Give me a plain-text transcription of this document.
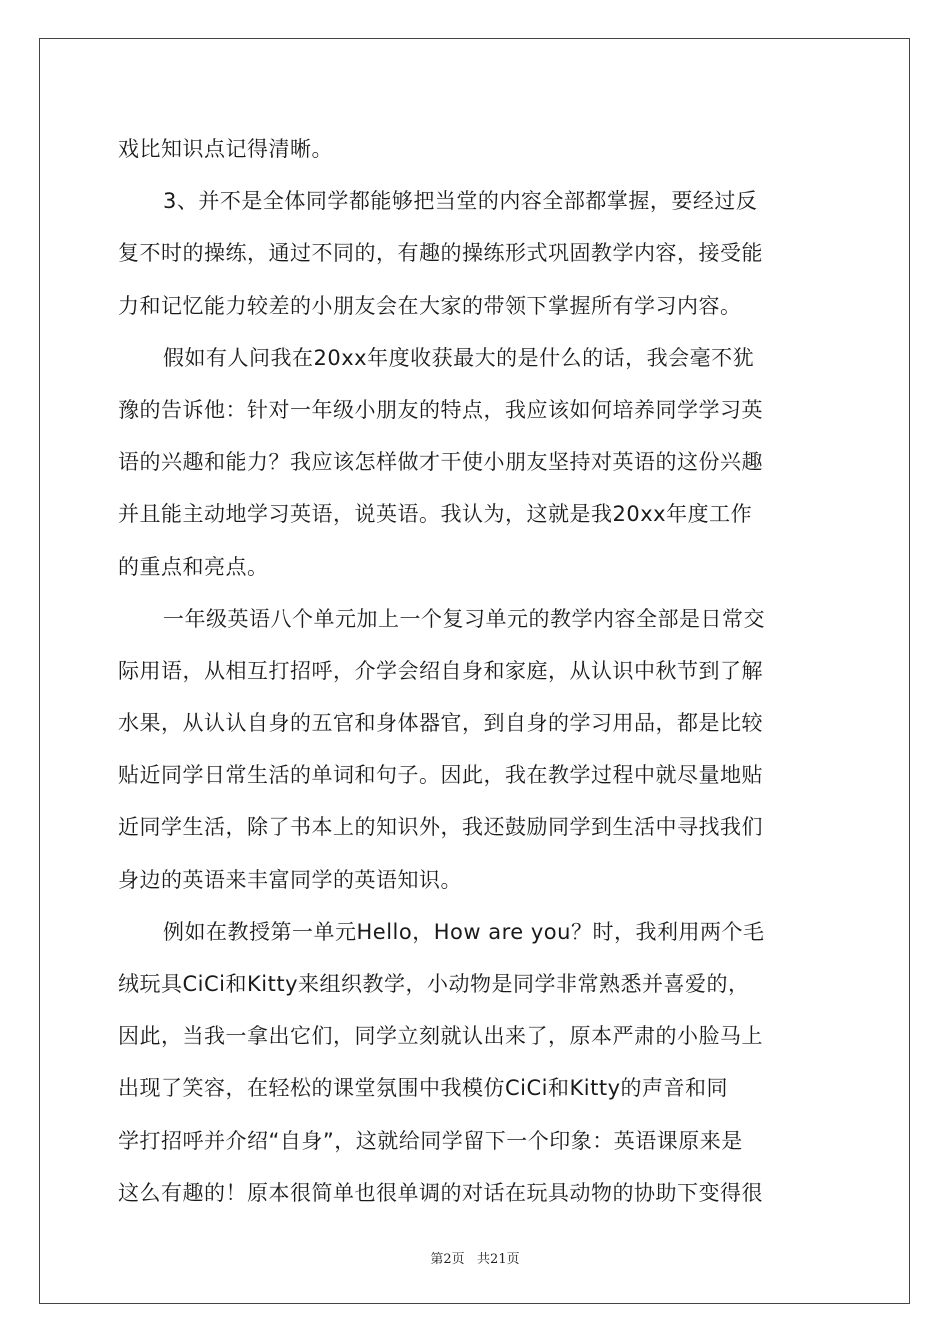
戏比知识点记得清晰。
3、并不是全体同学都能够把当堂的内容全部都掌握，要经过反
复不时的操练，通过不同的，有趣的操练形式巩固教学内容，接受能
力和记忆能力较差的小朋友会在大家的带领下掌握所有学习内容。
假如有人问我在20xx年度收获最大的是什么的话，我会毫不犹
豫的告诉他：针对一年级小朋友的特点，我应该如何培养同学学习英
语的兴趣和能力？我应该怎样做才干使小朋友坚持对英语的这份兴趣
并且能主动地学习英语，说英语。我认为，这就是我20xx年度工作
的重点和亮点。
一年级英语八个单元加上一个复习单元的教学内容全部是日常交
际用语，从相互打招呼，介学会绍自身和家庭，从认识中秋节到了解
水果，从认认自身的五官和身体器官，到自身的学习用品，都是比较
贴近同学日常生活的单词和句子。因此，我在教学过程中就尽量地贴
近同学生活，除了书本上的知识外，我还鼓励同学到生活中寻找我们
身边的英语来丰富同学的英语知识。
例如在教授第一单元Hello，How are you？时，我利用两个毛
绒玩具CiCi和Kitty来组织教学，小动物是同学非常熟悉并喜爱的，
因此，当我一拿出它们，同学立刻就认出来了，原本严肃的小脸马上
出现了笑容，在轻松的课堂氛围中我模仿CiCi和Kitty的声音和同
学打招呼并介绍“自身”，这就给同学留下一个印象：英语课原来是
这么有趣的！原本很简单也很单调的对话在玩具动物的协助下变得很
第2页   共21页
